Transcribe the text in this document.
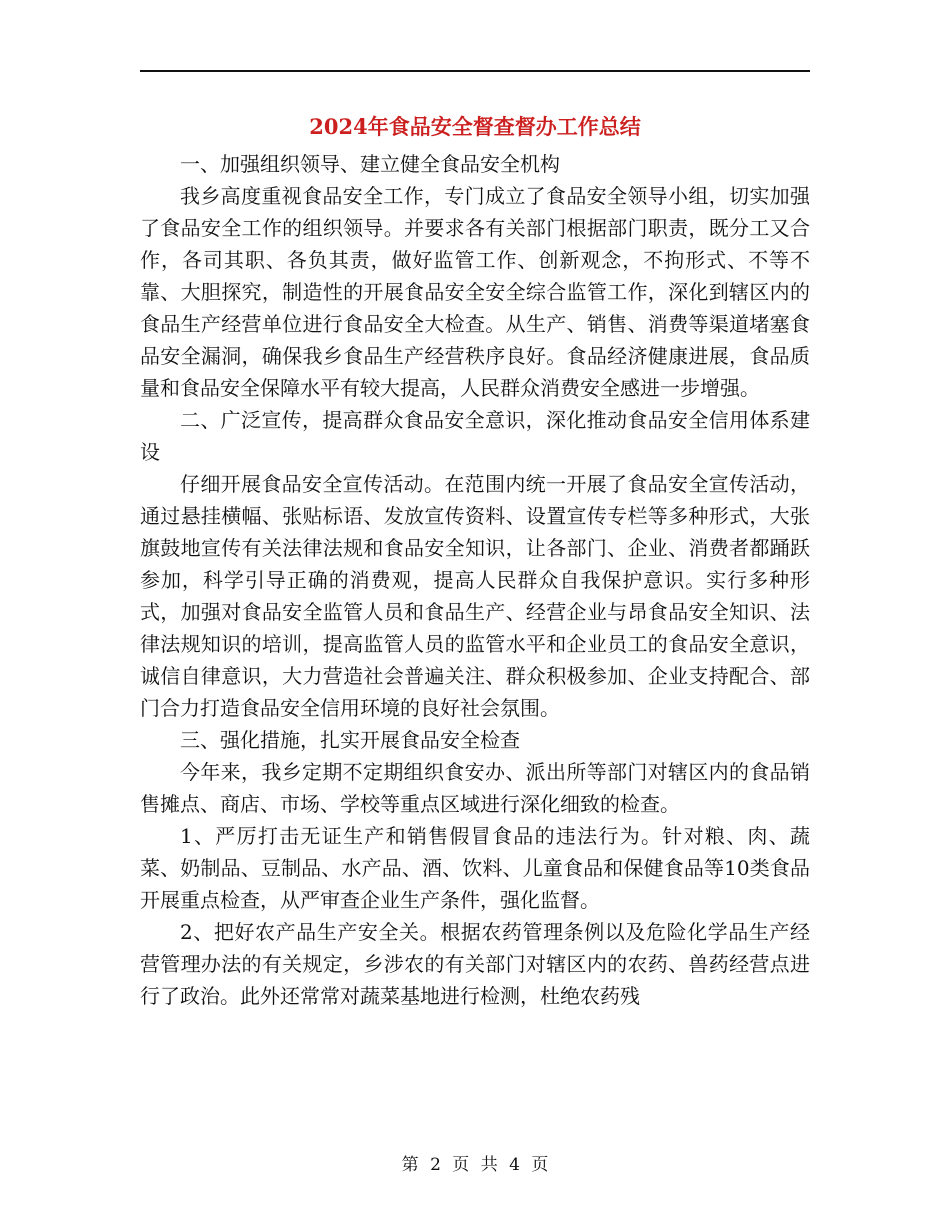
2024年食品安全督查督办工作总结

一、加强组织领导、建立健全食品安全机构

我乡高度重视食品安全工作，专门成立了食品安全领导小组，切实加强了食品安全工作的组织领导。并要求各有关部门根据部门职责，既分工又合作，各司其职、各负其责，做好监管工作、创新观念，不拘形式、不等不靠、大胆探究，制造性的开展食品安全安全综合监管工作，深化到辖区内的食品生产经营单位进行食品安全大检查。从生产、销售、消费等渠道堵塞食品安全漏洞，确保我乡食品生产经营秩序良好。食品经济健康进展，食品质量和食品安全保障水平有较大提高，人民群众消费安全感进一步增强。

二、广泛宣传，提高群众食品安全意识，深化推动食品安全信用体系建设

仔细开展食品安全宣传活动。在范围内统一开展了食品安全宣传活动，通过悬挂横幅、张贴标语、发放宣传资料、设置宣传专栏等多种形式，大张旗鼓地宣传有关法律法规和食品安全知识，让各部门、企业、消费者都踊跃参加，科学引导正确的消费观，提高人民群众自我保护意识。实行多种形式，加强对食品安全监管人员和食品生产、经营企业与昂食品安全知识、法律法规知识的培训，提高监管人员的监管水平和企业员工的食品安全意识，诚信自律意识，大力营造社会普遍关注、群众积极参加、企业支持配合、部门合力打造食品安全信用环境的良好社会氛围。

三、强化措施，扎实开展食品安全检查

今年来，我乡定期不定期组织食安办、派出所等部门对辖区内的食品销售摊点、商店、市场、学校等重点区域进行深化细致的检查。

1、严厉打击无证生产和销售假冒食品的违法行为。针对粮、肉、蔬菜、奶制品、豆制品、水产品、酒、饮料、儿童食品和保健食品等10类食品开展重点检查，从严审查企业生产条件，强化监督。

2、把好农产品生产安全关。根据农药管理条例以及危险化学品生产经营管理办法的有关规定，乡涉农的有关部门对辖区内的农药、兽药经营点进行了政治。此外还常常对蔬菜基地进行检测，杜绝农药残

第 2 页 共 4 页
